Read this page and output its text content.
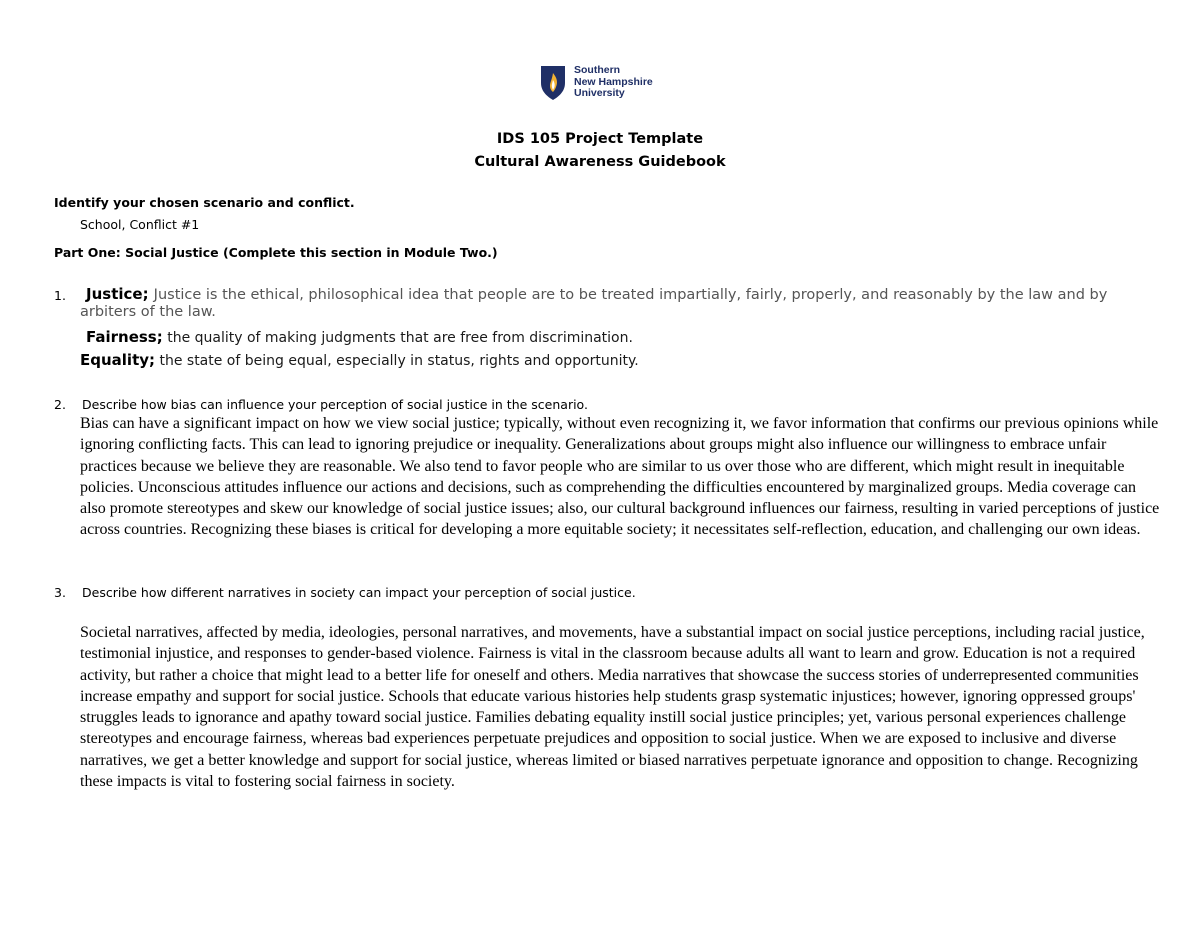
Southern
New Hampshire
University
IDS 105 Project Template
Cultural Awareness Guidebook
Identify your chosen scenario and conflict.
School, Conflict #1
Part One: Social Justice (Complete this section in Module Two.)
1. Justice; Justice is the ethical, philosophical idea that people are to be treated impartially, fairly, properly, and reasonably by the law and by
arbiters of the law.
Fairness; the quality of making judgments that are free from discrimination.
Equality; the state of being equal, especially in status, rights and opportunity.
2. Describe how bias can influence your perception of social justice in the scenario.
Bias can have a significant impact on how we view social justice; typically, without even recognizing it, we favor information that confirms our previous opinions while ignoring conflicting facts. This can lead to ignoring prejudice or inequality. Generalizations about groups might also influence our willingness to embrace unfair practices because we believe they are reasonable. We also tend to favor people who are similar to us over those who are different, which might result in inequitable policies. Unconscious attitudes influence our actions and decisions, such as comprehending the difficulties encountered by marginalized groups. Media coverage can also promote stereotypes and skew our knowledge of social justice issues; also, our cultural background influences our fairness, resulting in varied perceptions of justice across countries. Recognizing these biases is critical for developing a more equitable society; it necessitates self-reflection, education, and challenging our own ideas.
3. Describe how different narratives in society can impact your perception of social justice.
Societal narratives, affected by media, ideologies, personal narratives, and movements, have a substantial impact on social justice perceptions, including racial justice, testimonial injustice, and responses to gender-based violence. Fairness is vital in the classroom because adults all want to learn and grow. Education is not a required activity, but rather a choice that might lead to a better life for oneself and others. Media narratives that showcase the success stories of underrepresented communities increase empathy and support for social justice. Schools that educate various histories help students grasp systematic injustices; however, ignoring oppressed groups' struggles leads to ignorance and apathy toward social justice. Families debating equality instill social justice principles; yet, various personal experiences challenge stereotypes and encourage fairness, whereas bad experiences perpetuate prejudices and opposition to social justice. When we are exposed to inclusive and diverse narratives, we get a better knowledge and support for social justice, whereas limited or biased narratives perpetuate ignorance and opposition to change. Recognizing these impacts is vital to fostering social fairness in society.
